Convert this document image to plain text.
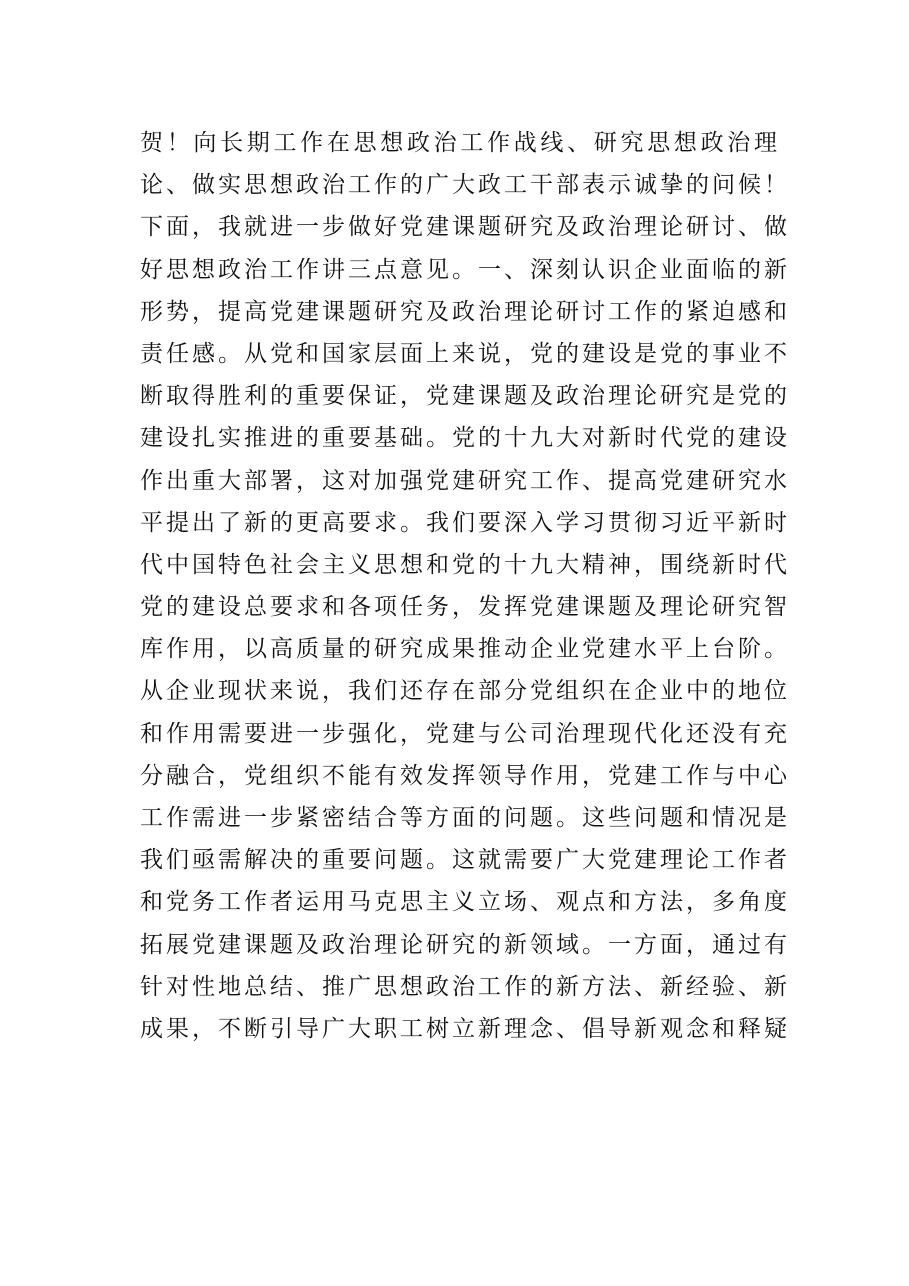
贺！向长期工作在思想政治工作战线、研究思想政治理
论、做实思想政治工作的广大政工干部表示诚挚的问候！
下面，我就进一步做好党建课题研究及政治理论研讨、做
好思想政治工作讲三点意见。一、深刻认识企业面临的新
形势，提高党建课题研究及政治理论研讨工作的紧迫感和
责任感。从党和国家层面上来说，党的建设是党的事业不
断取得胜利的重要保证，党建课题及政治理论研究是党的
建设扎实推进的重要基础。党的十九大对新时代党的建设
作出重大部署，这对加强党建研究工作、提高党建研究水
平提出了新的更高要求。我们要深入学习贯彻习近平新时
代中国特色社会主义思想和党的十九大精神，围绕新时代
党的建设总要求和各项任务，发挥党建课题及理论研究智
库作用，以高质量的研究成果推动企业党建水平上台阶。
从企业现状来说，我们还存在部分党组织在企业中的地位
和作用需要进一步强化，党建与公司治理现代化还没有充
分融合，党组织不能有效发挥领导作用，党建工作与中心
工作需进一步紧密结合等方面的问题。这些问题和情况是
我们亟需解决的重要问题。这就需要广大党建理论工作者
和党务工作者运用马克思主义立场、观点和方法，多角度
拓展党建课题及政治理论研究的新领域。一方面，通过有
针对性地总结、推广思想政治工作的新方法、新经验、新
成果，不断引导广大职工树立新理念、倡导新观念和释疑
